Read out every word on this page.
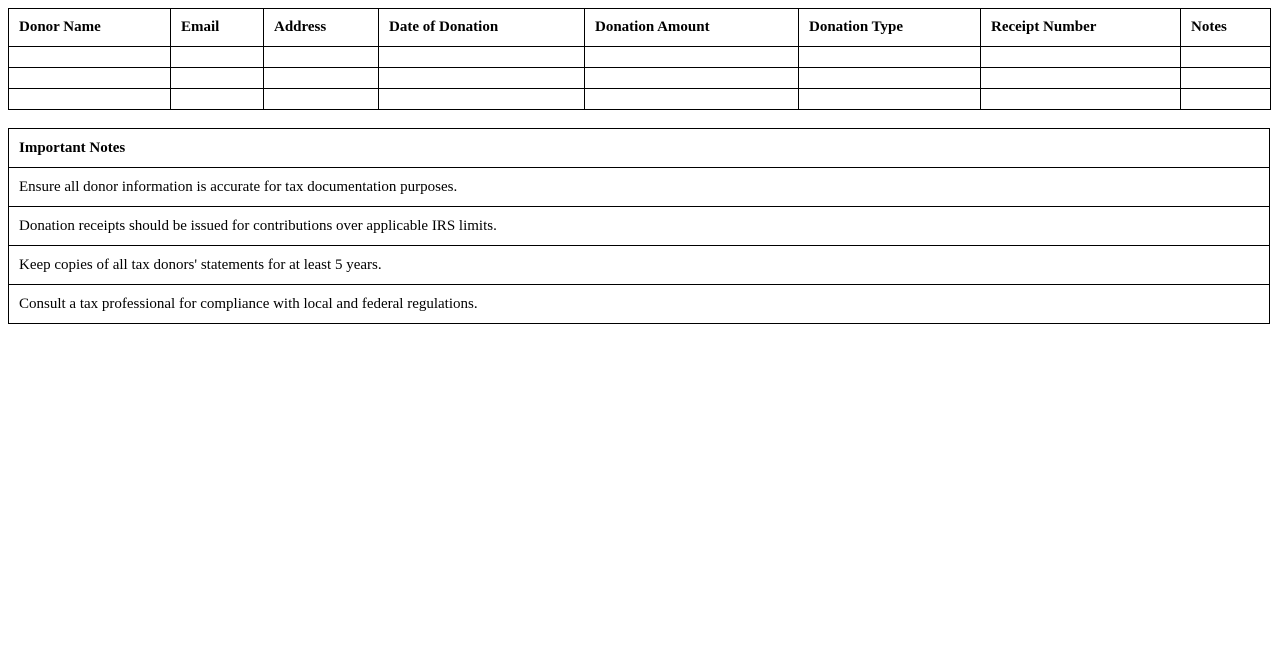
Donor Name	Email	Address	Date of Donation	Donation Amount	Donation Type	Receipt Number	Notes

Important Notes
Ensure all donor information is accurate for tax documentation purposes.
Donation receipts should be issued for contributions over applicable IRS limits.
Keep copies of all tax donors' statements for at least 5 years.
Consult a tax professional for compliance with local and federal regulations.
